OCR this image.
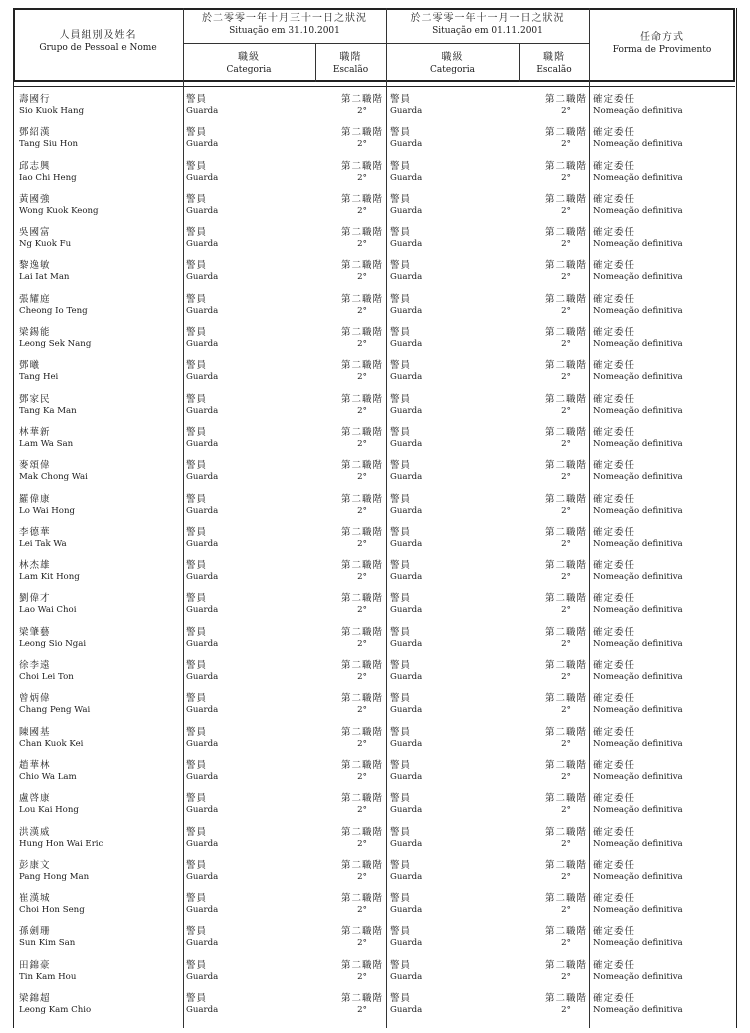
人員組別及姓名
Grupo de Pessoal e Nome
於二零零一年十月三十一日之狀況
Situação em 31.10.2001
於二零零一年十一月一日之狀況
Situação em 01.11.2001
任命方式
Forma de Provimento
職級
Categoria
職階
Escalão
職級
Categoria
職階
Escalão
壽國行
Sio Kuok Hang
警員
Guarda
第二職階
2°
警員
Guarda
第二職階
2°
確定委任
Nomeação definitiva
鄧紹漢
Tang Siu Hon
警員
Guarda
第二職階
2°
警員
Guarda
第二職階
2°
確定委任
Nomeação definitiva
邱志興
Iao Chi Heng
警員
Guarda
第二職階
2°
警員
Guarda
第二職階
2°
確定委任
Nomeação definitiva
黃國強
Wong Kuok Keong
警員
Guarda
第二職階
2°
警員
Guarda
第二職階
2°
確定委任
Nomeação definitiva
吳國富
Ng Kuok Fu
警員
Guarda
第二職階
2°
警員
Guarda
第二職階
2°
確定委任
Nomeação definitiva
黎逸敏
Lai Iat Man
警員
Guarda
第二職階
2°
警員
Guarda
第二職階
2°
確定委任
Nomeação definitiva
張耀庭
Cheong Io Teng
警員
Guarda
第二職階
2°
警員
Guarda
第二職階
2°
確定委任
Nomeação definitiva
梁錫能
Leong Sek Nang
警員
Guarda
第二職階
2°
警員
Guarda
第二職階
2°
確定委任
Nomeação definitiva
鄧曦
Tang Hei
警員
Guarda
第二職階
2°
警員
Guarda
第二職階
2°
確定委任
Nomeação definitiva
鄧家民
Tang Ka Man
警員
Guarda
第二職階
2°
警員
Guarda
第二職階
2°
確定委任
Nomeação definitiva
林華新
Lam Wa San
警員
Guarda
第二職階
2°
警員
Guarda
第二職階
2°
確定委任
Nomeação definitiva
麥頌偉
Mak Chong Wai
警員
Guarda
第二職階
2°
警員
Guarda
第二職階
2°
確定委任
Nomeação definitiva
羅偉康
Lo Wai Hong
警員
Guarda
第二職階
2°
警員
Guarda
第二職階
2°
確定委任
Nomeação definitiva
李德華
Lei Tak Wa
警員
Guarda
第二職階
2°
警員
Guarda
第二職階
2°
確定委任
Nomeação definitiva
林杰雄
Lam Kit Hong
警員
Guarda
第二職階
2°
警員
Guarda
第二職階
2°
確定委任
Nomeação definitiva
劉偉才
Lao Wai Choi
警員
Guarda
第二職階
2°
警員
Guarda
第二職階
2°
確定委任
Nomeação definitiva
梁肇藝
Leong Sio Ngai
警員
Guarda
第二職階
2°
警員
Guarda
第二職階
2°
確定委任
Nomeação definitiva
徐李遠
Choi Lei Ton
警員
Guarda
第二職階
2°
警員
Guarda
第二職階
2°
確定委任
Nomeação definitiva
曾炳偉
Chang Peng Wai
警員
Guarda
第二職階
2°
警員
Guarda
第二職階
2°
確定委任
Nomeação definitiva
陳國基
Chan Kuok Kei
警員
Guarda
第二職階
2°
警員
Guarda
第二職階
2°
確定委任
Nomeação definitiva
趙華林
Chio Wa Lam
警員
Guarda
第二職階
2°
警員
Guarda
第二職階
2°
確定委任
Nomeação definitiva
盧啓康
Lou Kai Hong
警員
Guarda
第二職階
2°
警員
Guarda
第二職階
2°
確定委任
Nomeação definitiva
洪漢威
Hung Hon Wai Eric
警員
Guarda
第二職階
2°
警員
Guarda
第二職階
2°
確定委任
Nomeação definitiva
彭康文
Pang Hong Man
警員
Guarda
第二職階
2°
警員
Guarda
第二職階
2°
確定委任
Nomeação definitiva
崔漢城
Choi Hon Seng
警員
Guarda
第二職階
2°
警員
Guarda
第二職階
2°
確定委任
Nomeação definitiva
孫劍珊
Sun Kim San
警員
Guarda
第二職階
2°
警員
Guarda
第二職階
2°
確定委任
Nomeação definitiva
田錦豪
Tin Kam Hou
警員
Guarda
第二職階
2°
警員
Guarda
第二職階
2°
確定委任
Nomeação definitiva
梁錦超
Leong Kam Chio
警員
Guarda
第二職階
2°
警員
Guarda
第二職階
2°
確定委任
Nomeação definitiva
